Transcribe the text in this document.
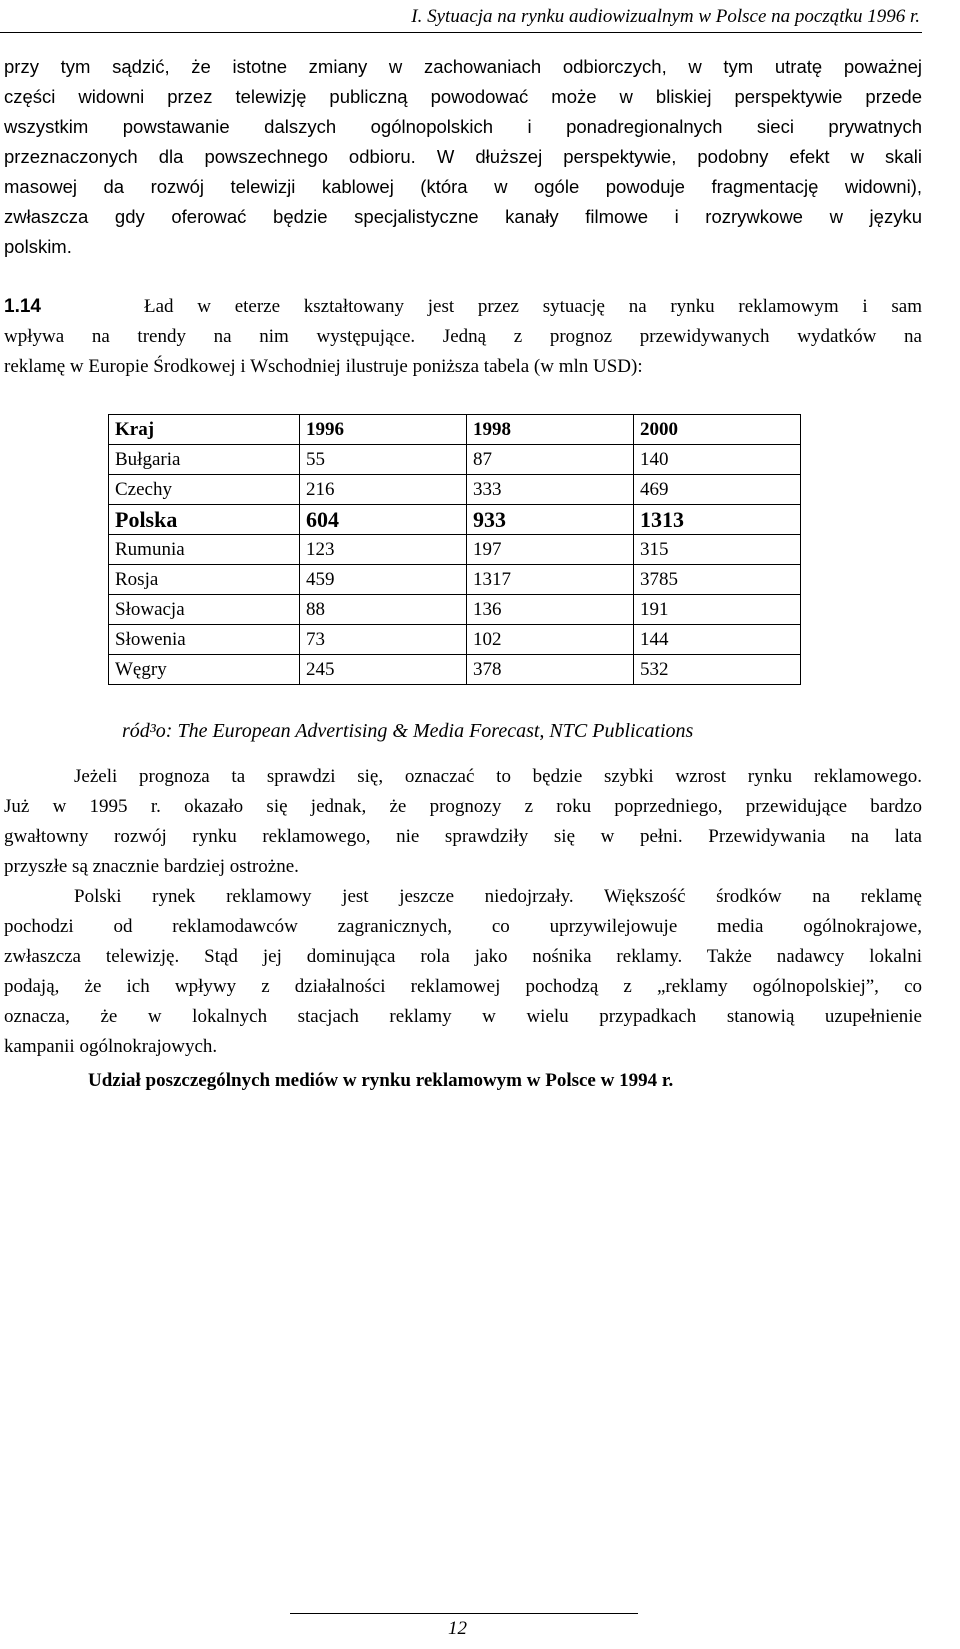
I. Sytuacja na rynku audiowizualnym w Polsce na początku 1996 r.
przy tym sądzić, że istotne zmiany w zachowaniach odbiorczych, w tym utratę poważnej
części widowni przez telewizję publiczną powodować może w bliskiej perspektywie przede
wszystkim powstawanie dalszych ogólnopolskich i ponadregionalnych sieci prywatnych
przeznaczonych dla powszechnego odbioru. W dłuższej perspektywie, podobny efekt w skali
masowej da rozwój telewizji kablowej (która w ogóle powoduje fragmentację widowni),
zwłaszcza gdy oferować będzie specjalistyczne kanały filmowe i rozrywkowe w języku
polskim.
1.14	Ład w eterze kształtowany jest przez sytuację na rynku reklamowym i sam
wpływa na trendy na nim występujące. Jedną z prognoz przewidywanych wydatków na
reklamę w Europie Środkowej i Wschodniej ilustruje poniższa tabela (w mln USD):
Kraj	1996	1998	2000
Bułgaria	55	87	140
Czechy	216	333	469
Polska	604	933	1313
Rumunia	123	197	315
Rosja	459	1317	3785
Słowacja	88	136	191
Słowenia	73	102	144
Węgry	245	378	532
ród³o: The European Advertising & Media Forecast, NTC Publications
Jeżeli prognoza ta sprawdzi się, oznaczać to będzie szybki wzrost rynku reklamowego.
Już w 1995 r. okazało się jednak, że prognozy z roku poprzedniego, przewidujące bardzo
gwałtowny rozwój rynku reklamowego, nie sprawdziły się w pełni. Przewidywania na lata
przyszłe są znacznie bardziej ostrożne.
Polski rynek reklamowy jest jeszcze niedojrzały. Większość środków na reklamę
pochodzi od reklamodawców zagranicznych, co uprzywilejowuje media ogólnokrajowe,
zwłaszcza telewizję. Stąd jej dominująca rola jako nośnika reklamy. Także nadawcy lokalni
podają, że ich wpływy z działalności reklamowej pochodzą z „reklamy ogólnopolskiej”, co
oznacza, że w lokalnych stacjach reklamy w wielu przypadkach stanowią uzupełnienie
kampanii ogólnokrajowych.
Udział poszczególnych mediów w rynku reklamowym w Polsce w 1994 r.
12
